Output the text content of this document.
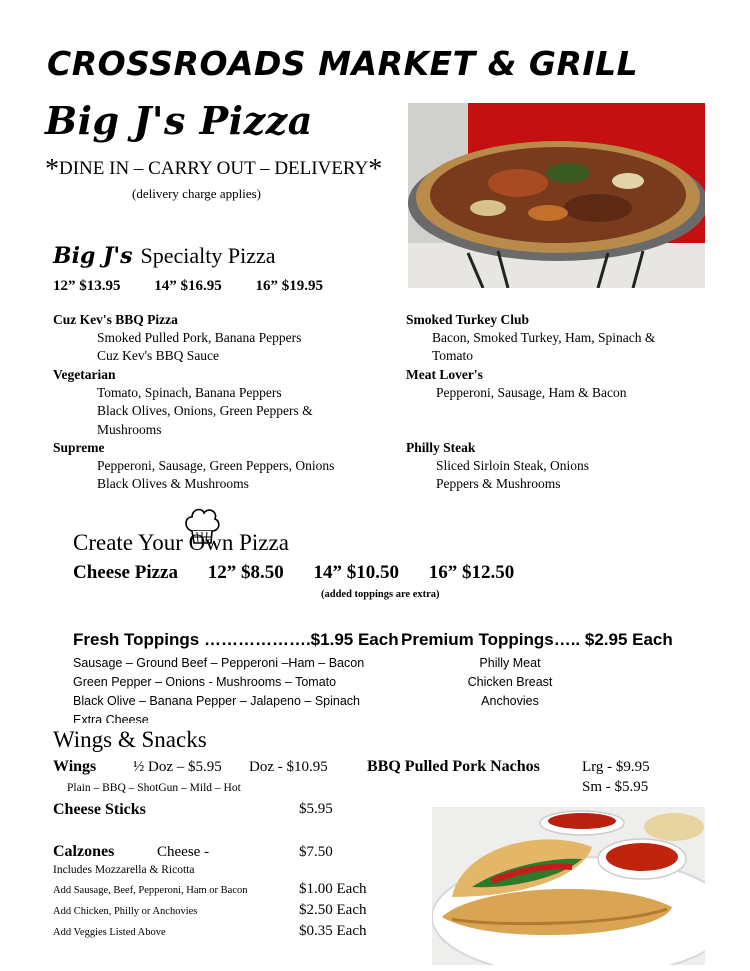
CROSSROADS MARKET & GRILL
Big J's Pizza
*DINE IN – CARRY OUT – DELIVERY*
(delivery charge applies)
Big J's Specialty Pizza
12” $13.95 14” $16.95 16” $19.95
Cuz Kev's BBQ Pizza
Smoked Pulled Pork, Banana Peppers
Cuz Kev's BBQ Sauce
Vegetarian
Tomato, Spinach, Banana Peppers
Black Olives, Onions, Green Peppers &
Mushrooms
Supreme
Pepperoni, Sausage, Green Peppers, Onions
Black Olives & Mushrooms
Smoked Turkey Club
Bacon, Smoked Turkey, Ham, Spinach &
Tomato
Meat Lover's
Pepperoni, Sausage, Ham & Bacon
Philly Steak
Sliced Sirloin Steak, Onions
Peppers & Mushrooms
Create Your Own Pizza
Cheese Pizza 12” $8.50 14” $10.50 16” $12.50
(added toppings are extra)
Fresh Toppings ……………….$1.95 Each Premium Toppings….. $2.95 Each
Sausage – Ground Beef – Pepperoni –Ham – Bacon
Green Pepper – Onions - Mushrooms – Tomato
Black Olive – Banana Pepper – Jalapeno – Spinach
Extra Cheese
Philly Meat
Chicken Breast
Anchovies
Wings & Snacks
Wings ½ Doz – $5.95 Doz - $10.95
Plain – BBQ – ShotGun – Mild – Hot
BBQ Pulled Pork Nachos	Lrg - $9.95
Sm - $5.95
Cheese Sticks	$5.95
Calzones	Cheese -	$7.50
Includes Mozzarella & Ricotta
Add Sausage, Beef, Pepperoni, Ham or Bacon	$1.00 Each
Add Chicken, Philly or Anchovies	$2.50 Each
Add Veggies Listed Above	$0.35 Each
